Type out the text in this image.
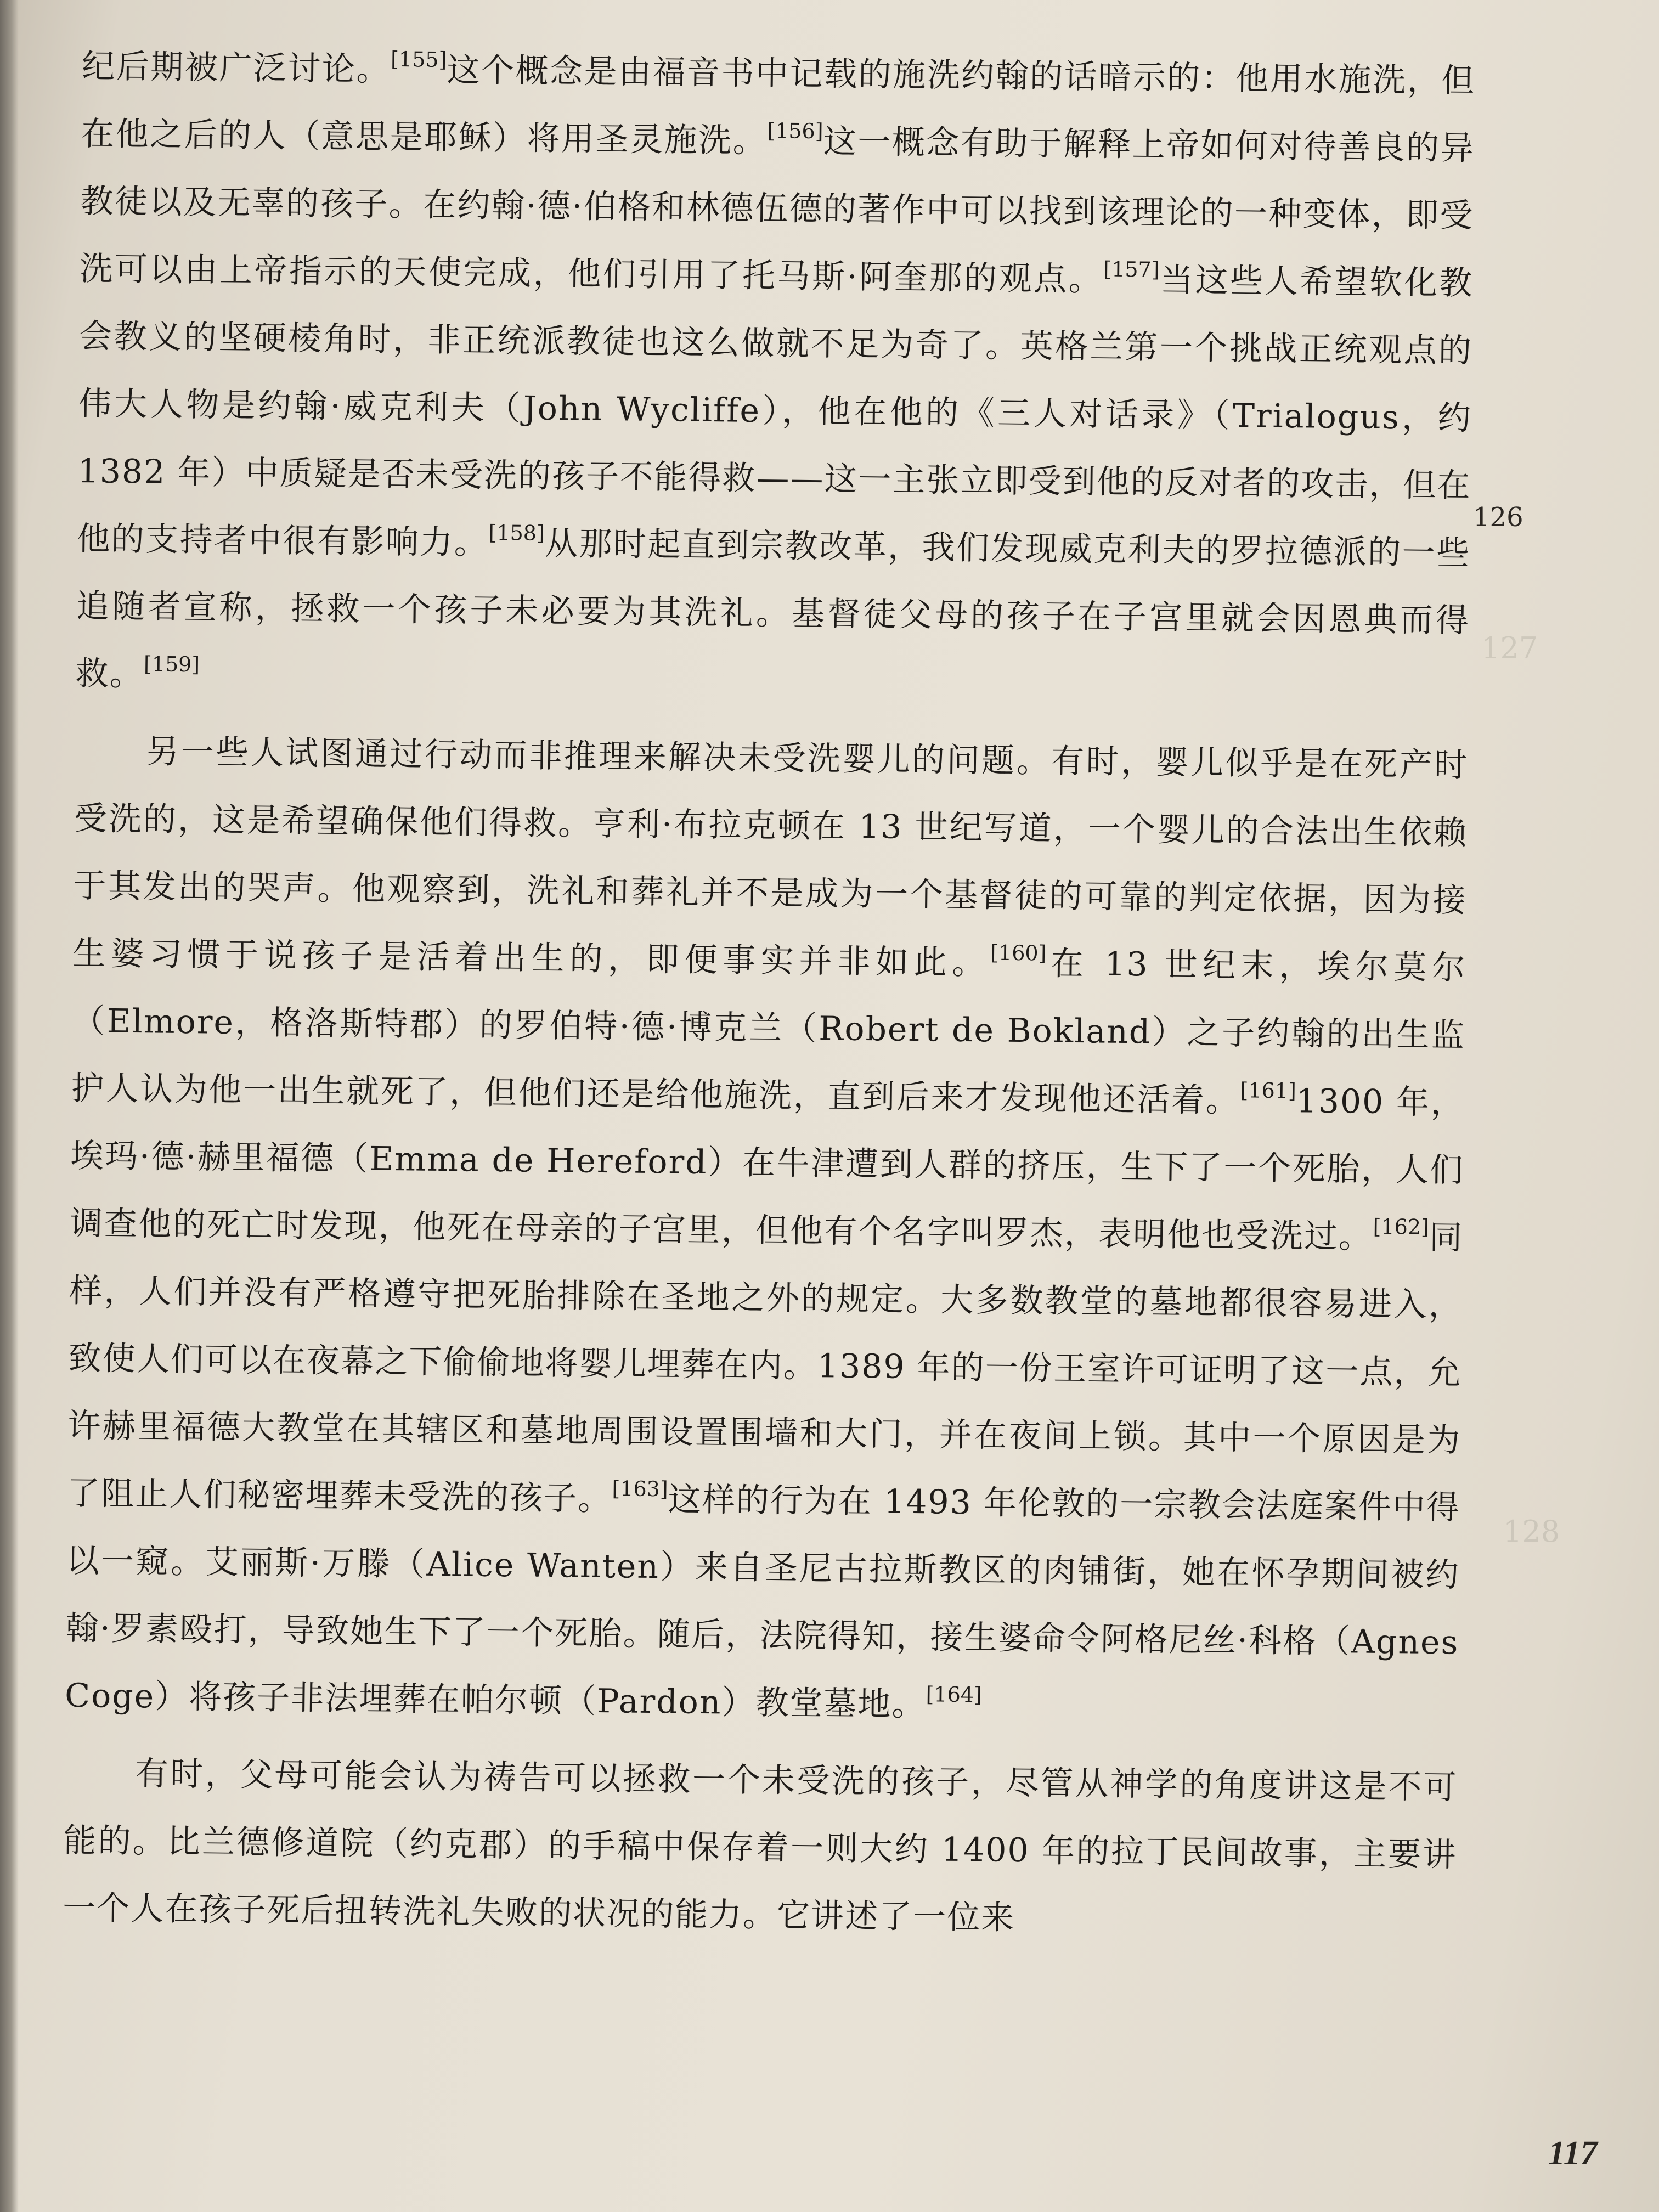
纪后期被广泛讨论。[155]这个概念是由福音书中记载的施洗约翰的话暗示的：他用水施洗，但在他之后的人（意思是耶稣）将用圣灵施洗。[156]这一概念有助于解释上帝如何对待善良的异教徒以及无辜的孩子。在约翰·德·伯格和林德伍德的著作中可以找到该理论的一种变体，即受洗可以由上帝指示的天使完成，他们引用了托马斯·阿奎那的观点。[157]当这些人希望软化教会教义的坚硬棱角时，非正统派教徒也这么做就不足为奇了。英格兰第一个挑战正统观点的伟大人物是约翰·威克利夫（John Wycliffe），他在他的《三人对话录》（Trialogus，约 1382 年）中质疑是否未受洗的孩子不能得救——这一主张立即受到他的反对者的攻击，但在他的支持者中很有影响力。[158]从那时起直到宗教改革，我们发现威克利夫的罗拉德派的一些追随者宣称，拯救一个孩子未必要为其洗礼。基督徒父母的孩子在子宫里就会因恩典而得救。[159]

另一些人试图通过行动而非推理来解决未受洗婴儿的问题。有时，婴儿似乎是在死产时受洗的，这是希望确保他们得救。亨利·布拉克顿在 13 世纪写道，一个婴儿的合法出生依赖于其发出的哭声。他观察到，洗礼和葬礼并不是成为一个基督徒的可靠的判定依据，因为接生婆习惯于说孩子是活着出生的，即便事实并非如此。[160]在 13 世纪末，埃尔莫尔（Elmore，格洛斯特郡）的罗伯特·德·博克兰（Robert de Bokland）之子约翰的出生监护人认为他一出生就死了，但他们还是给他施洗，直到后来才发现他还活着。[161]1300 年，埃玛·德·赫里福德（Emma de Hereford）在牛津遭到人群的挤压，生下了一个死胎，人们调查他的死亡时发现，他死在母亲的子宫里，但他有个名字叫罗杰，表明他也受洗过。[162]同样，人们并没有严格遵守把死胎排除在圣地之外的规定。大多数教堂的墓地都很容易进入，致使人们可以在夜幕之下偷偷地将婴儿埋葬在内。1389 年的一份王室许可证明了这一点，允许赫里福德大教堂在其辖区和墓地周围设置围墙和大门，并在夜间上锁。其中一个原因是为了阻止人们秘密埋葬未受洗的孩子。[163]这样的行为在 1493 年伦敦的一宗教会法庭案件中得以一窥。艾丽斯·万滕（Alice Wanten）来自圣尼古拉斯教区的肉铺街，她在怀孕期间被约翰·罗素殴打，导致她生下了一个死胎。随后，法院得知，接生婆命令阿格尼丝·科格（Agnes Coge）将孩子非法埋葬在帕尔顿（Pardon）教堂墓地。[164]

有时，父母可能会认为祷告可以拯救一个未受洗的孩子，尽管从神学的角度讲这是不可能的。比兰德修道院（约克郡）的手稿中保存着一则大约 1400 年的拉丁民间故事，主要讲一个人在孩子死后扭转洗礼失败的状况的能力。它讲述了一位来

126
127
128
117
